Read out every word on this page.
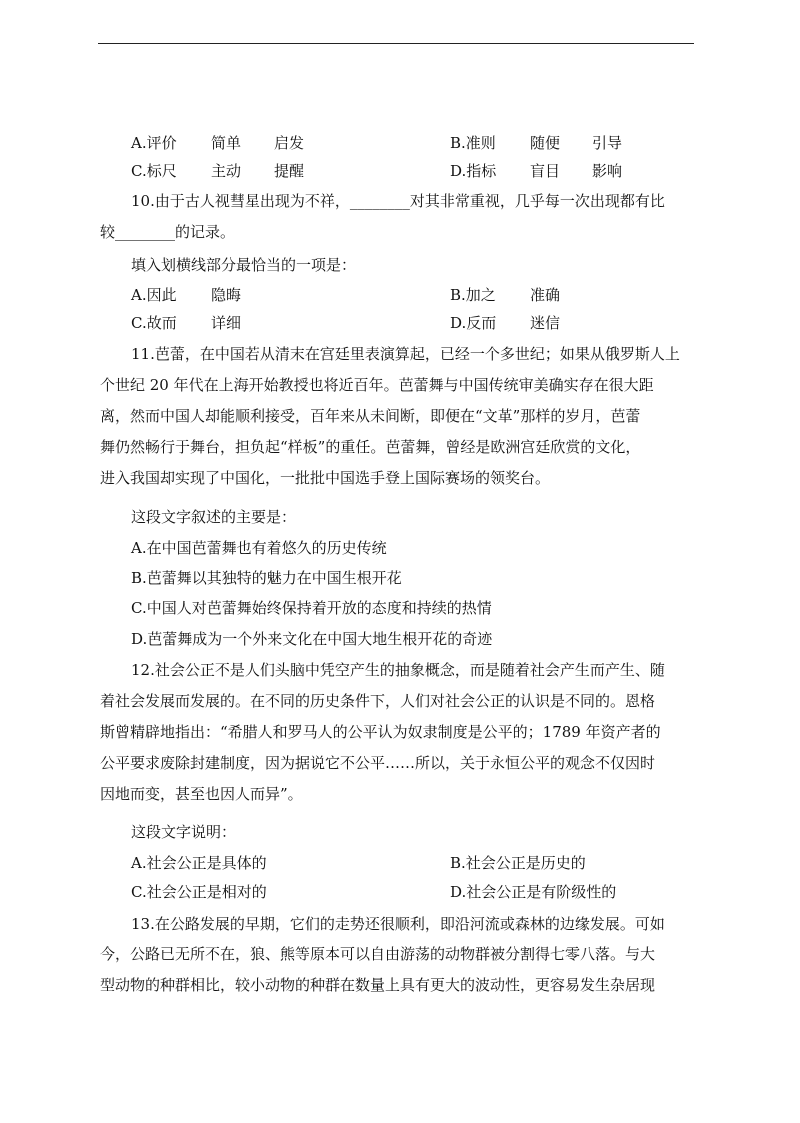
A.评价 简单 启发	B.准则 随便 引导
C.标尺 主动 提醒	D.指标 盲目 影响
10.由于古人视彗星出现为不祥，________对其非常重视，几乎每一次出现都有比
较________的记录。
填入划横线部分最恰当的一项是：
A.因此 隐晦	B.加之 准确
C.故而 详细	D.反而 迷信
11.芭蕾，在中国若从清末在宫廷里表演算起，已经一个多世纪；如果从俄罗斯人上
个世纪 20 年代在上海开始教授也将近百年。芭蕾舞与中国传统审美确实存在很大距
离，然而中国人却能顺利接受，百年来从未间断，即便在“文革”那样的岁月，芭蕾
舞仍然畅行于舞台，担负起“样板”的重任。芭蕾舞，曾经是欧洲宫廷欣赏的文化，
进入我国却实现了中国化，一批批中国选手登上国际赛场的领奖台。
这段文字叙述的主要是：
A.在中国芭蕾舞也有着悠久的历史传统
B.芭蕾舞以其独特的魅力在中国生根开花
C.中国人对芭蕾舞始终保持着开放的态度和持续的热情
D.芭蕾舞成为一个外来文化在中国大地生根开花的奇迹
12.社会公正不是人们头脑中凭空产生的抽象概念，而是随着社会产生而产生、随
着社会发展而发展的。在不同的历史条件下，人们对社会公正的认识是不同的。恩格
斯曾精辟地指出：“希腊人和罗马人的公平认为奴隶制度是公平的；1789 年资产者的
公平要求废除封建制度，因为据说它不公平……所以，关于永恒公平的观念不仅因时
因地而变，甚至也因人而异”。
这段文字说明：
A.社会公正是具体的	B.社会公正是历史的
C.社会公正是相对的	D.社会公正是有阶级性的
13.在公路发展的早期，它们的走势还很顺利，即沿河流或森林的边缘发展。可如
今，公路已无所不在，狼、熊等原本可以自由游荡的动物群被分割得七零八落。与大
型动物的种群相比，较小动物的种群在数量上具有更大的波动性，更容易发生杂居现
